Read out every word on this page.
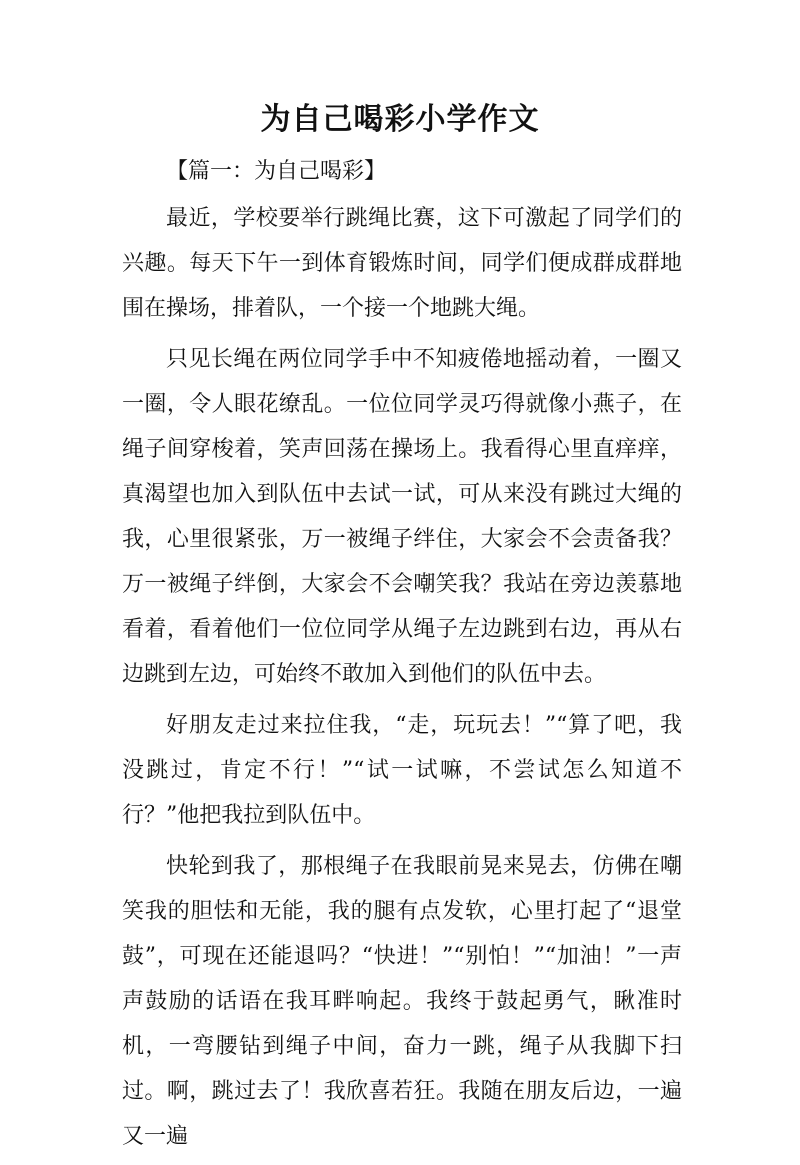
为自己喝彩小学作文
【篇一：为自己喝彩】

最近，学校要举行跳绳比赛，这下可激起了同学们的兴趣。每天下午一到体育锻炼时间，同学们便成群成群地围在操场，排着队，一个接一个地跳大绳。

只见长绳在两位同学手中不知疲倦地摇动着，一圈又一圈，令人眼花缭乱。一位位同学灵巧得就像小燕子，在绳子间穿梭着，笑声回荡在操场上。我看得心里直痒痒，真渴望也加入到队伍中去试一试，可从来没有跳过大绳的我，心里很紧张，万一被绳子绊住，大家会不会责备我？万一被绳子绊倒，大家会不会嘲笑我？我站在旁边羡慕地看着，看着他们一位位同学从绳子左边跳到右边，再从右边跳到左边，可始终不敢加入到他们的队伍中去。

好朋友走过来拉住我，“走，玩玩去！”“算了吧，我没跳过，肯定不行！”“试一试嘛，不尝试怎么知道不行？”他把我拉到队伍中。

快轮到我了，那根绳子在我眼前晃来晃去，仿佛在嘲笑我的胆怯和无能，我的腿有点发软，心里打起了“退堂鼓”，可现在还能退吗？“快进！”“别怕！”“加油！”一声声鼓励的话语在我耳畔响起。我终于鼓起勇气，瞅准时机，一弯腰钻到绳子中间，奋力一跳，绳子从我脚下扫过。啊，跳过去了！我欣喜若狂。我随在朋友后边，一遍又一遍
